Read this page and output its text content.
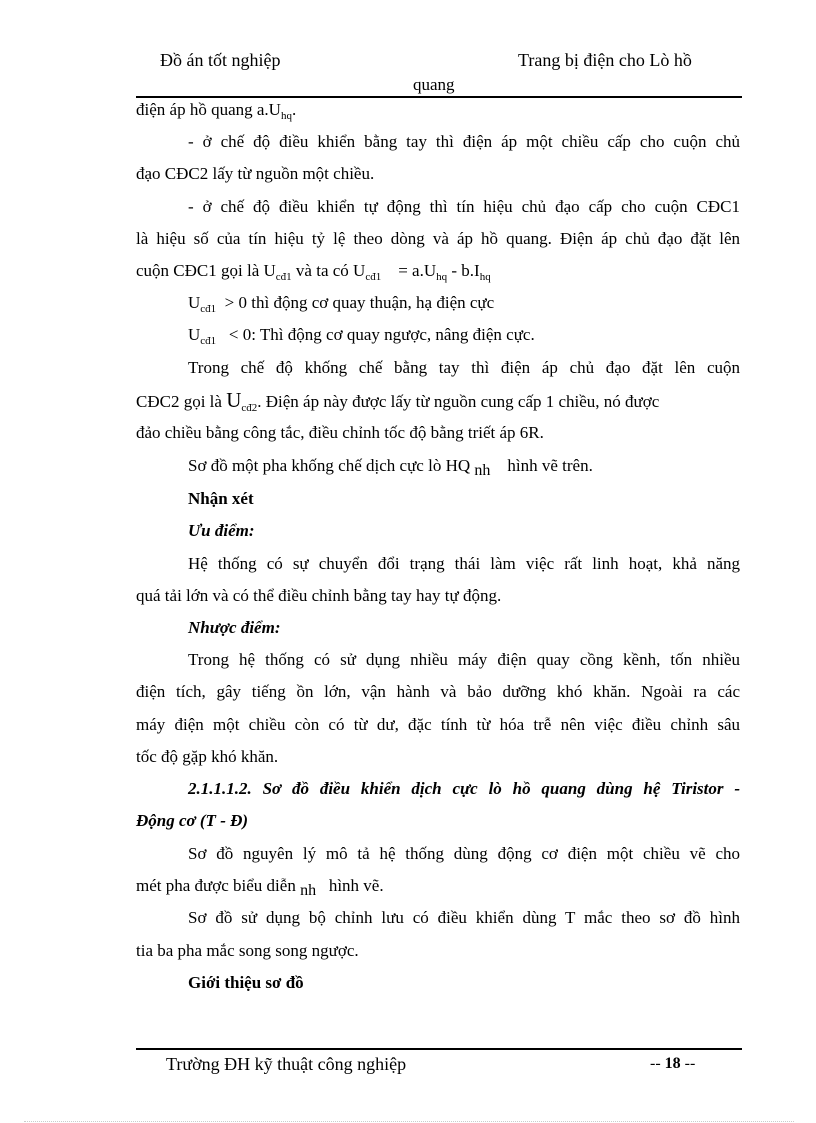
Đồ án tốt nghiệp	Trang bị điện cho Lò hồ
quang
điện áp hồ quang $a.U_{hq}$.
- ở chế độ điều khiển bằng tay thì điện áp một chiều cấp cho cuộn chủ
đạo CĐC2 lấy từ nguồn một chiều.
- ở chế độ điều khiển tự động thì tín hiệu chủ đạo cấp cho cuộn CĐC1
là hiệu số của tín hiệu tỷ lệ theo dòng và áp hồ quang. Điện áp chủ đạo đặt lên
cuộn CĐC1 gọi là $U_{cđ1}$ và ta có $U_{cđ1}$    = $a.U_{hq} - b.I_{hq}$
$U_{cđ1} > 0$ thì động cơ quay thuận, hạ điện cực
$U_{cđ1} < 0$: Thì động cơ quay ngược, nâng điện cực.
Trong chế độ khống chế bằng tay thì điện áp chủ đạo đặt lên cuộn
CĐC2 gọi là $U_{cđ2}$. Điện áp này được lấy từ nguồn cung cấp 1 chiều, nó được
đảo chiều bằng công tắc, điều chỉnh tốc độ bằng triết áp 6R.
Sơ đồ một pha khống chế dịch cực lò HQ $_{nh}$    hình vẽ trên.
Nhận xét
Ưu điểm:
Hệ thống có sự chuyển đổi trạng thái làm việc rất linh hoạt, khả năng
quá tải lớn và có thể điều chỉnh bằng tay hay tự động.
Nhược điểm:
Trong hệ thống có sử dụng nhiều máy điện quay cồng kềnh, tốn nhiều
điện tích, gây tiếng ồn lớn, vận hành và bảo dưỡng khó khăn. Ngoài ra các
máy điện một chiều còn có từ dư, đặc tính từ hóa trễ nên việc điều chỉnh sâu
tốc độ gặp khó khăn.
2.1.1.1.2. Sơ đồ điều khiển dịch cực lò hồ quang dùng hệ Tiristor -
Động cơ (T - Đ)
Sơ đồ nguyên lý mô tả hệ thống dùng động cơ điện một chiều vẽ cho
mét pha được biểu diễn $_{nh}$   hình vẽ.
Sơ đồ sử dụng bộ chỉnh lưu có điều khiển dùng T mắc theo sơ đồ hình
tia ba pha mắc song song ngược.
Giới thiệu sơ đồ
Trường ĐH kỹ thuật công nghiệp	-- 18 --
